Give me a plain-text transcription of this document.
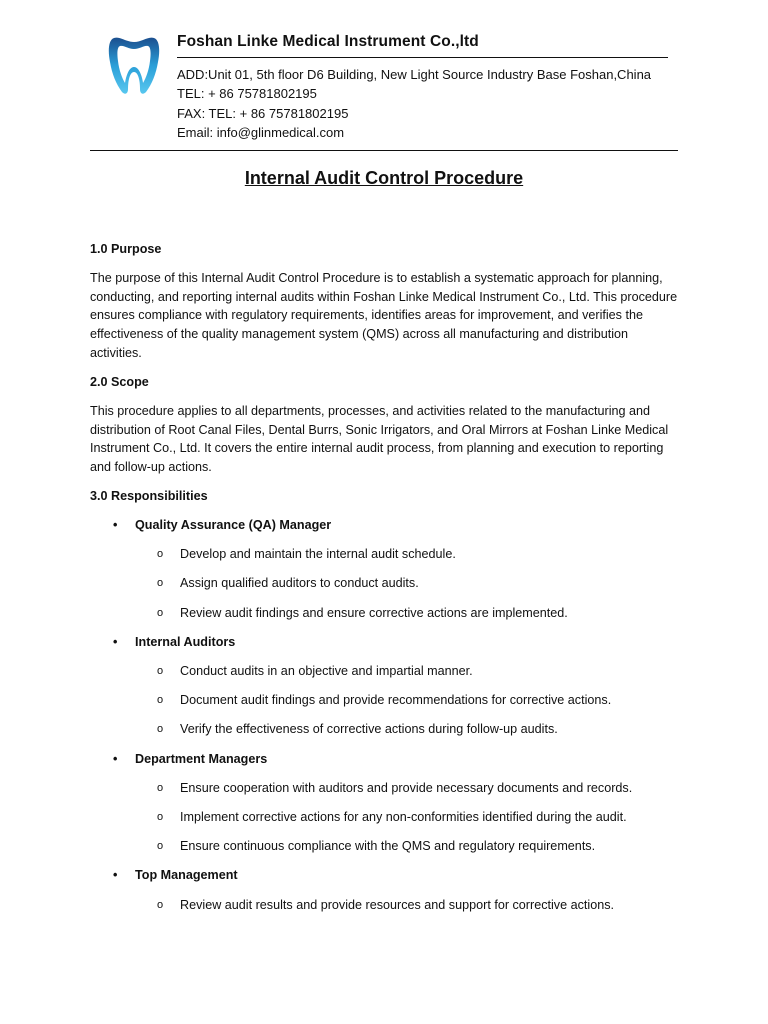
Foshan Linke Medical Instrument Co.,ltd
ADD:Unit 01, 5th floor D6 Building, New Light Source Industry Base Foshan,China
TEL: + 86 75781802195
FAX: TEL: + 86 75781802195
Email: info@glinmedical.com
Internal Audit Control Procedure
1.0 Purpose
The purpose of this Internal Audit Control Procedure is to establish a systematic approach for planning, conducting, and reporting internal audits within Foshan Linke Medical Instrument Co., Ltd. This procedure ensures compliance with regulatory requirements, identifies areas for improvement, and verifies the effectiveness of the quality management system (QMS) across all manufacturing and distribution activities.
2.0 Scope
This procedure applies to all departments, processes, and activities related to the manufacturing and distribution of Root Canal Files, Dental Burrs, Sonic Irrigators, and Oral Mirrors at Foshan Linke Medical Instrument Co., Ltd. It covers the entire internal audit process, from planning and execution to reporting and follow-up actions.
3.0 Responsibilities
• Quality Assurance (QA) Manager
o Develop and maintain the internal audit schedule.
o Assign qualified auditors to conduct audits.
o Review audit findings and ensure corrective actions are implemented.
• Internal Auditors
o Conduct audits in an objective and impartial manner.
o Document audit findings and provide recommendations for corrective actions.
o Verify the effectiveness of corrective actions during follow-up audits.
• Department Managers
o Ensure cooperation with auditors and provide necessary documents and records.
o Implement corrective actions for any non-conformities identified during the audit.
o Ensure continuous compliance with the QMS and regulatory requirements.
• Top Management
o Review audit results and provide resources and support for corrective actions.
